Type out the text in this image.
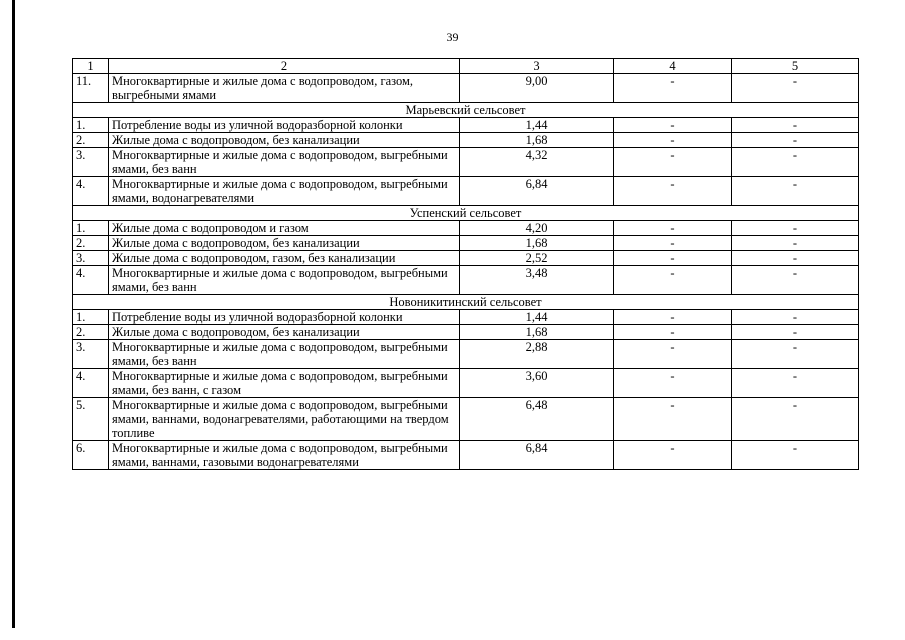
39
1	2	3	4	5
11.	Многоквартирные и жилые дома с водопроводом, газом, выгребными ямами	9,00	-	-
Марьевский сельсовет				
1.	Потребление воды из уличной водоразборной колонки	1,44	-	-
2.	Жилые дома с водопроводом, без канализации	1,68	-	-
3.	Многоквартирные и жилые дома с водопроводом, выгребными ямами, без ванн	4,32	-	-
4.	Многоквартирные и жилые дома с водопроводом, выгребными ямами, водонагревателями	6,84	-	-
Успенский сельсовет				
1.	Жилые дома с водопроводом и газом	4,20	-	-
2.	Жилые дома с водопроводом, без канализации	1,68	-	-
3.	Жилые дома с водопроводом, газом, без канализации	2,52	-	-
4.	Многоквартирные и жилые дома с водопроводом, выгребными ямами, без ванн	3,48	-	-
Новоникитинский сельсовет				
1.	Потребление воды из уличной водоразборной колонки	1,44	-	-
2.	Жилые дома с водопроводом, без канализации	1,68	-	-
3.	Многоквартирные и жилые дома с водопроводом, выгребными ямами, без ванн	2,88	-	-
4.	Многоквартирные и жилые дома с водопроводом, выгребными ямами, без ванн, с газом	3,60	-	-
5.	Многоквартирные и жилые дома с водопроводом, выгребными ямами, ваннами, водонагревателями, работающими на твердом топливе	6,48	-	-
6.	Многоквартирные и жилые дома с водопроводом, выгребными ямами, ваннами, газовыми водонагревателями	6,84	-	-
